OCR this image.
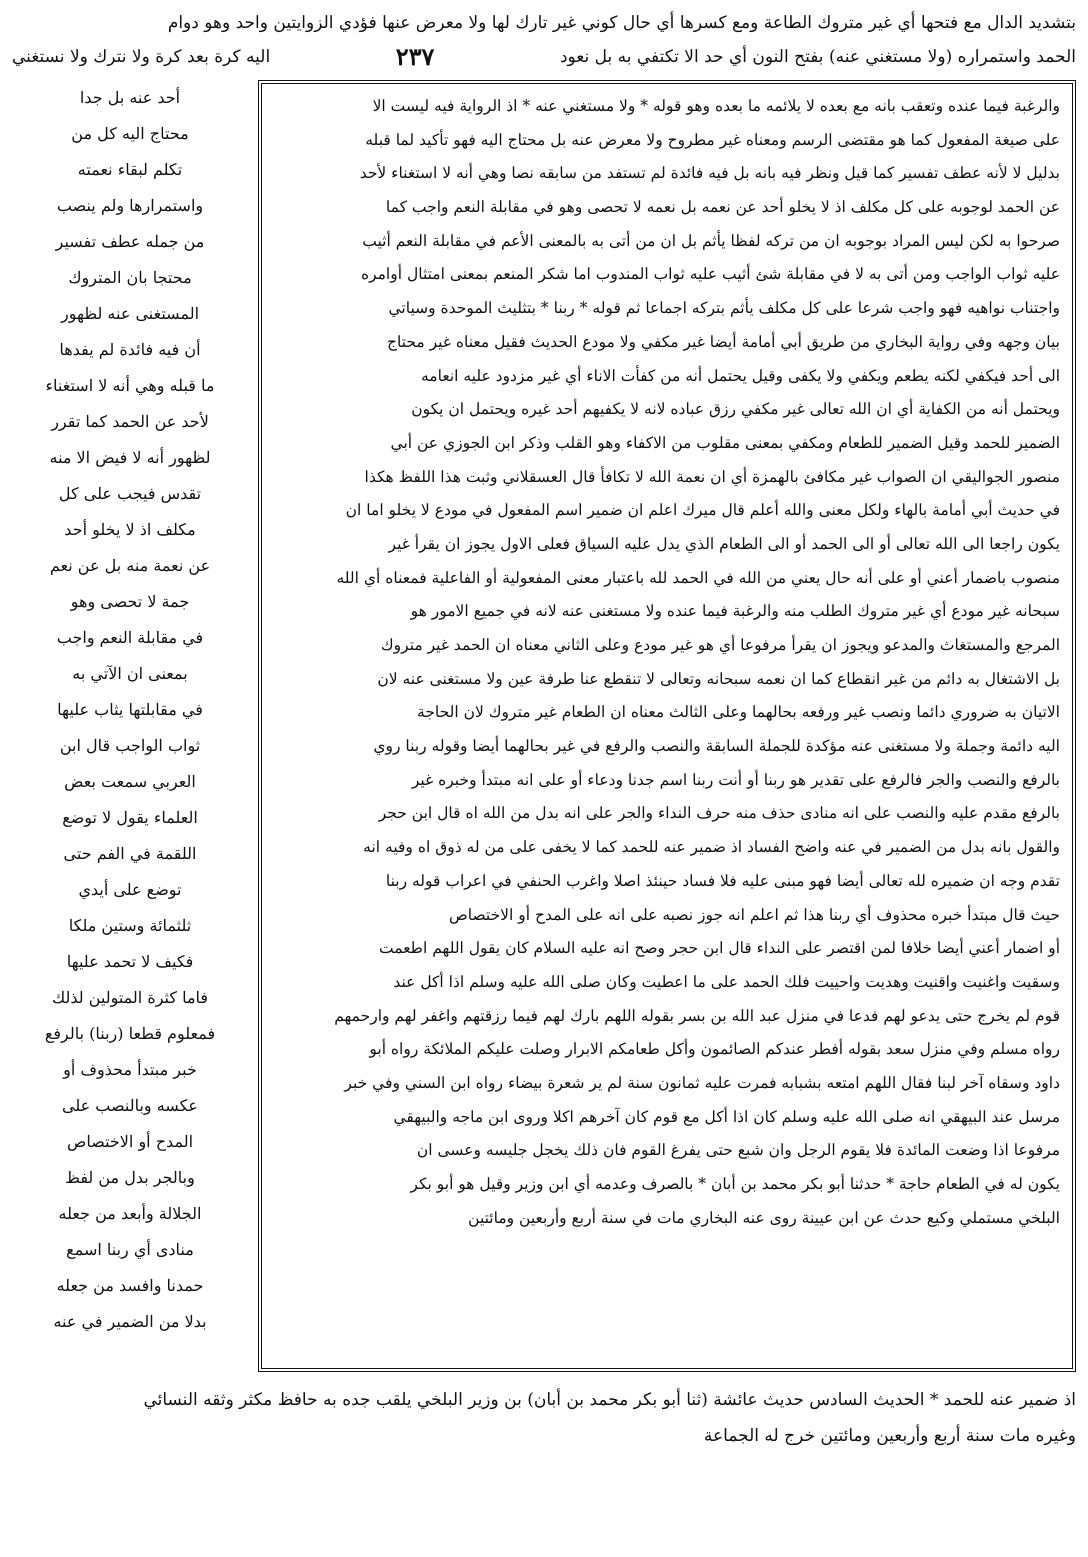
بتشديد الدال مع فتحها أي غير متروك الطاعة ومع كسرها أي حال كوني غير تارك لها ولا معرض عنها فؤدي الزوايتين واحد وهو دوام
الحمد واستمراره (ولا مستغني عنه) بفتح النون أي حد الا تكتفي به بل نعود
٢٣٧
اليه كرة بعد كرة ولا نترك ولا نستغني
والرغبة فيما عنده وتعقب بانه مع بعده لا يلائمه ما بعده وهو قوله * ولا مستغني عنه * اذ الرواية فيه ليست الا
على صيغة المفعول كما هو مقتضى الرسم ومعناه غير مطروح ولا معرض عنه بل محتاج اليه فهو تأكيد لما قبله
بدليل لا لأنه عطف تفسير كما قيل ونظر فيه بانه بل فيه فائدة لم تستفد من سابقه نصا وهي أنه لا استغناء لأحد
عن الحمد لوجوبه على كل مكلف اذ لا يخلو أحد عن نعمه بل نعمه لا تحصى وهو في مقابلة النعم واجب كما
صرحوا به لكن ليس المراد بوجوبه ان من تركه لفظا يأثم بل ان من أتى به بالمعنى الأعم في مقابلة النعم أثيب
عليه ثواب الواجب ومن أتى به لا في مقابلة شئ أثيب عليه ثواب المندوب اما شكر المنعم بمعنى امتثال أوامره
واجتناب نواهيه فهو واجب شرعا على كل مكلف يأثم بتركه اجماعا ثم قوله * ربنا * بتثليث الموحدة وسياتي
بيان وجهه وفي رواية البخاري من طريق أبي أمامة أيضا غير مكفي ولا مودع الحديث فقيل معناه غير محتاج
الى أحد فيكفي لكنه يطعم ويكفي ولا يكفى وقيل يحتمل أنه من كفأت الاناء أي غير مزدود عليه انعامه
ويحتمل أنه من الكفاية أي ان الله تعالى غير مكفي رزق عباده لانه لا يكفيهم أحد غيره ويحتمل ان يكون
الضمير للحمد وقيل الضمير للطعام ومكفي بمعنى مقلوب من الاكفاء وهو القلب وذكر ابن الجوزي عن أبي
منصور الجواليقي ان الصواب غير مكافئ بالهمزة أي ان نعمة الله لا تكافأ قال العسقلاني وثبت هذا اللفظ هكذا
في حديث أبي أمامة بالهاء ولكل معنى والله أعلم قال ميرك اعلم ان ضمير اسم المفعول في مودع لا يخلو اما ان
يكون راجعا الى الله تعالى أو الى الحمد أو الى الطعام الذي يدل عليه السياق فعلى الاول يجوز ان يقرأ غير
منصوب باضمار أعني أو على أنه حال يعني من الله في الحمد لله باعتبار معنى المفعولية أو الفاعلية فمعناه أي الله
سبحانه غير مودع أي غير متروك الطلب منه والرغبة فيما عنده ولا مستغنى عنه لانه في جميع الامور هو
المرجع والمستغاث والمدعو ويجوز ان يقرأ مرفوعا أي هو غير مودع وعلى الثاني معناه ان الحمد غير متروك
بل الاشتغال به دائم من غير انقطاع كما ان نعمه سبحانه وتعالى لا تنقطع عنا طرفة عين ولا مستغنى عنه لان
الاتيان به ضروري دائما ونصب غير ورفعه بحالهما وعلى الثالث معناه ان الطعام غير متروك لان الحاجة
اليه دائمة وجملة ولا مستغنى عنه مؤكدة للجملة السابقة والنصب والرفع في غير بحالهما أيضا وقوله ربنا روي
بالرفع والنصب والجر فالرفع على تقدير هو ربنا أو أنت ربنا اسم جدنا ودعاء أو على انه مبتدأ وخبره غير
بالرفع مقدم عليه والنصب على انه منادى حذف منه حرف النداء والجر على انه بدل من الله اه قال ابن حجر
والقول بانه بدل من الضمير في عنه واضح الفساد اذ ضمير عنه للحمد كما لا يخفى على من له ذوق اه وفيه انه
تقدم وجه ان ضميره لله تعالى أيضا فهو مبنى عليه فلا فساد حينئذ اصلا واغرب الحنفي في اعراب قوله ربنا
حيث قال مبتدأ خبره محذوف أي ربنا هذا ثم اعلم انه جوز نصبه على انه على المدح أو الاختصاص
أو اضمار أعني أيضا خلافا لمن اقتصر على النداء قال ابن حجر وصح انه عليه السلام كان يقول اللهم اطعمت
وسقيت واغنيت واقنيت وهديت واحييت فلك الحمد على ما اعطيت وكان صلى الله عليه وسلم اذا أكل عند
قوم لم يخرج حتى يدعو لهم فدعا في منزل عبد الله بن بسر بقوله اللهم بارك لهم فيما رزقتهم واغفر لهم وارحمهم
رواه مسلم وفي منزل سعد بقوله أفطر عندكم الصائمون وأكل طعامكم الابرار وصلت عليكم الملائكة رواه أبو
داود وسقاه آخر لبنا فقال اللهم امتعه بشبابه فمرت عليه ثمانون سنة لم ير شعرة بيضاء رواه ابن السني وفي خبر
مرسل عند البيهقي انه صلى الله عليه وسلم كان اذا أكل مع قوم كان آخرهم اكلا وروى ابن ماجه والبيهقي
مرفوعا اذا وضعت المائدة فلا يقوم الرجل وان شبع حتى يفرغ القوم فان ذلك يخجل جليسه وعسى ان
يكون له في الطعام حاجة * حدثنا أبو بكر محمد بن أبان * بالصرف وعدمه أي ابن وزير وقيل هو أبو بكر
البلخي مستملي وكيع حدث عن ابن عيينة روى عنه البخاري مات في سنة أربع وأربعين ومائتين
أحد عنه بل جدا
محتاج اليه كل من
تكلم لبقاء نعمته
واستمرارها ولم ينصب
من جمله عطف تفسير
محتجا بان المتروك
المستغنى عنه لظهور
أن فيه فائدة لم يفدها
ما قبله وهي أنه لا استغناء
لأحد عن الحمد كما تقرر
لظهور أنه لا فيض الا منه
تقدس فيجب على كل
مكلف اذ لا يخلو أحد
عن نعمة منه بل عن نعم
جمة لا تحصى وهو
في مقابلة النعم واجب
بمعنى ان الآتي به
في مقابلتها يثاب عليها
ثواب الواجب قال ابن
العربي سمعت بعض
العلماء يقول لا توضع
اللقمة في الفم حتى
توضع على أيدي
ثلثمائة وستين ملكا
فكيف لا تحمد عليها
فاما كثرة المتولين لذلك
فمعلوم قطعا (ربنا) بالرفع
خبر مبتدأ محذوف أو
عكسه وبالنصب على
المدح أو الاختصاص
وبالجر بدل من لفظ
الجلالة وأبعد من جعله
منادى أي ربنا اسمع
حمدنا وافسد من جعله
بدلا من الضمير في عنه
اذ ضمير عنه للحمد * الحديث السادس حديث عائشة (ثنا أبو بكر محمد بن أبان) بن وزير البلخي يلقب جده به حافظ مكثر وثقه النسائي
وغيره مات سنة أربع وأربعين ومائتين خرج له الجماعة
